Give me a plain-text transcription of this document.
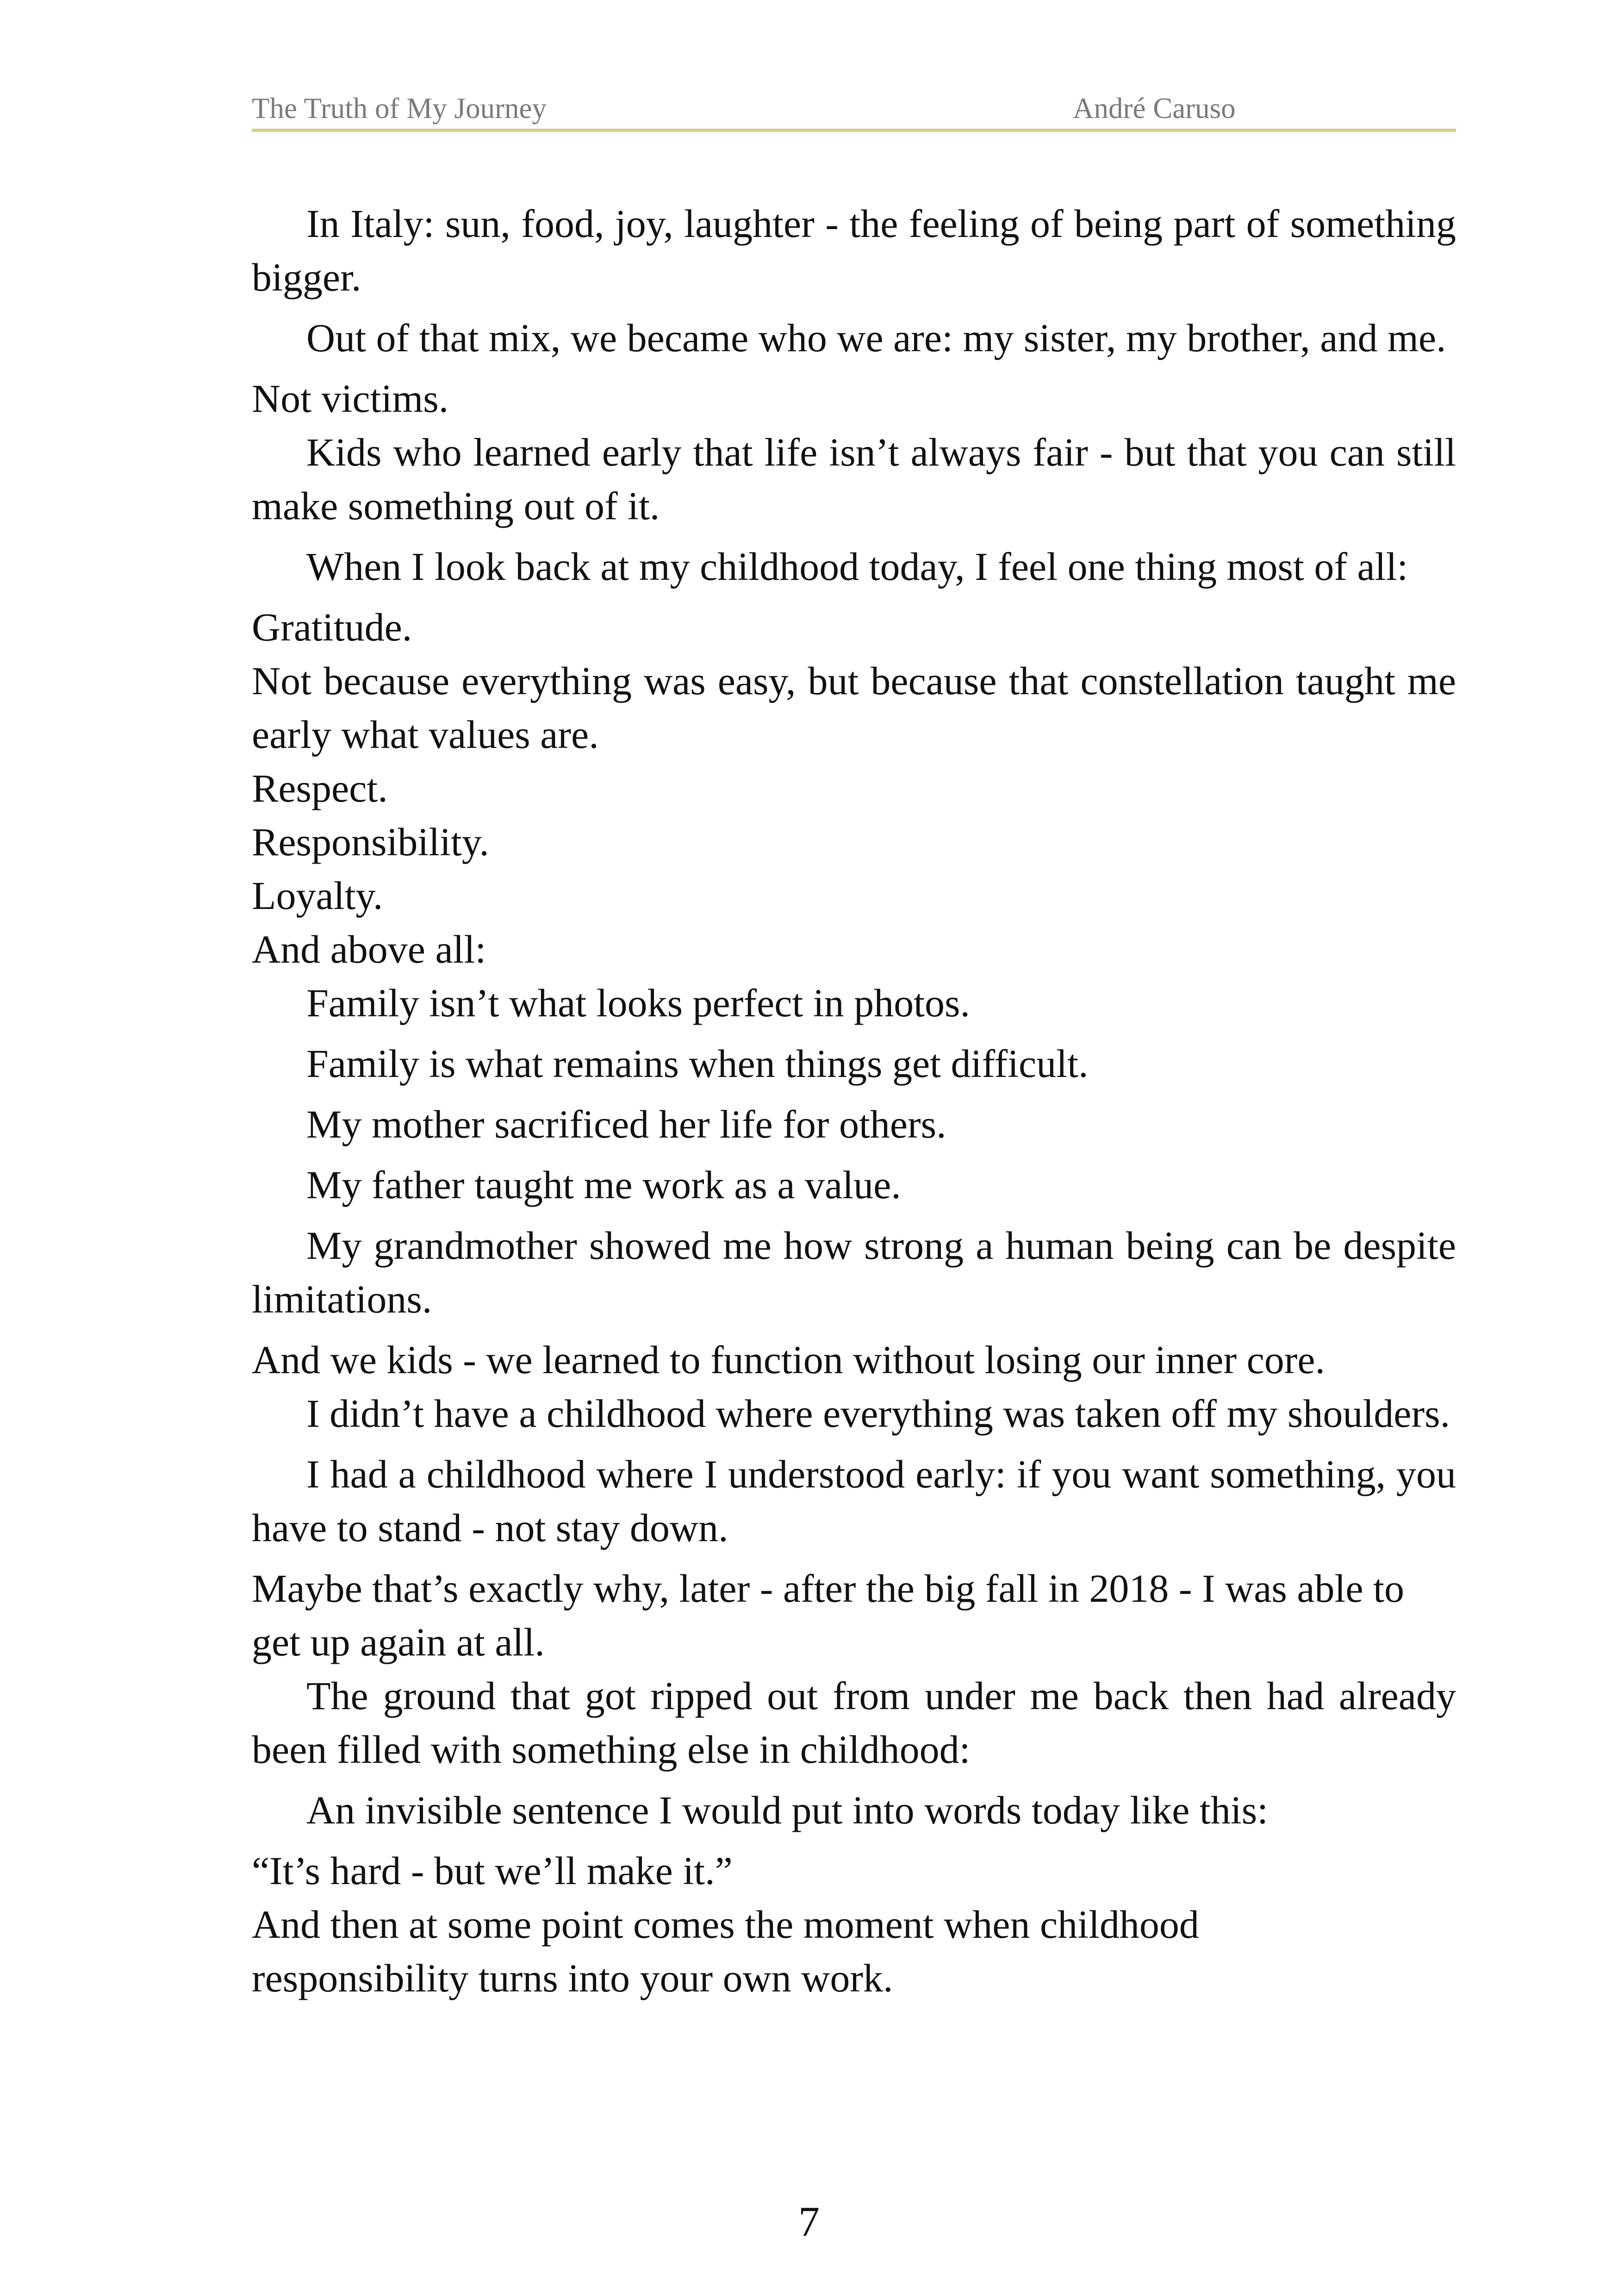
The Truth of My Journey	André Caruso

In Italy: sun, food, joy, laughter - the feeling of being part of something bigger.

Out of that mix, we became who we are: my sister, my brother, and me.

Not victims.

Kids who learned early that life isn’t always fair - but that you can still make something out of it.

When I look back at my childhood today, I feel one thing most of all:

Gratitude.

Not because everything was easy, but because that constellation taught me early what values are.

Respect.

Responsibility.

Loyalty.

And above all:

Family isn’t what looks perfect in photos.

Family is what remains when things get difficult.

My mother sacrificed her life for others.

My father taught me work as a value.

My grandmother showed me how strong a human being can be despite limitations.

And we kids - we learned to function without losing our inner core.

I didn’t have a childhood where everything was taken off my shoulders.

I had a childhood where I understood early: if you want something, you have to stand - not stay down.

Maybe that’s exactly why, later - after the big fall in 2018 - I was able to get up again at all.

The ground that got ripped out from under me back then had already been filled with something else in childhood:

An invisible sentence I would put into words today like this:

“It’s hard - but we’ll make it.”

And then at some point comes the moment when childhood

responsibility turns into your own work.

7
